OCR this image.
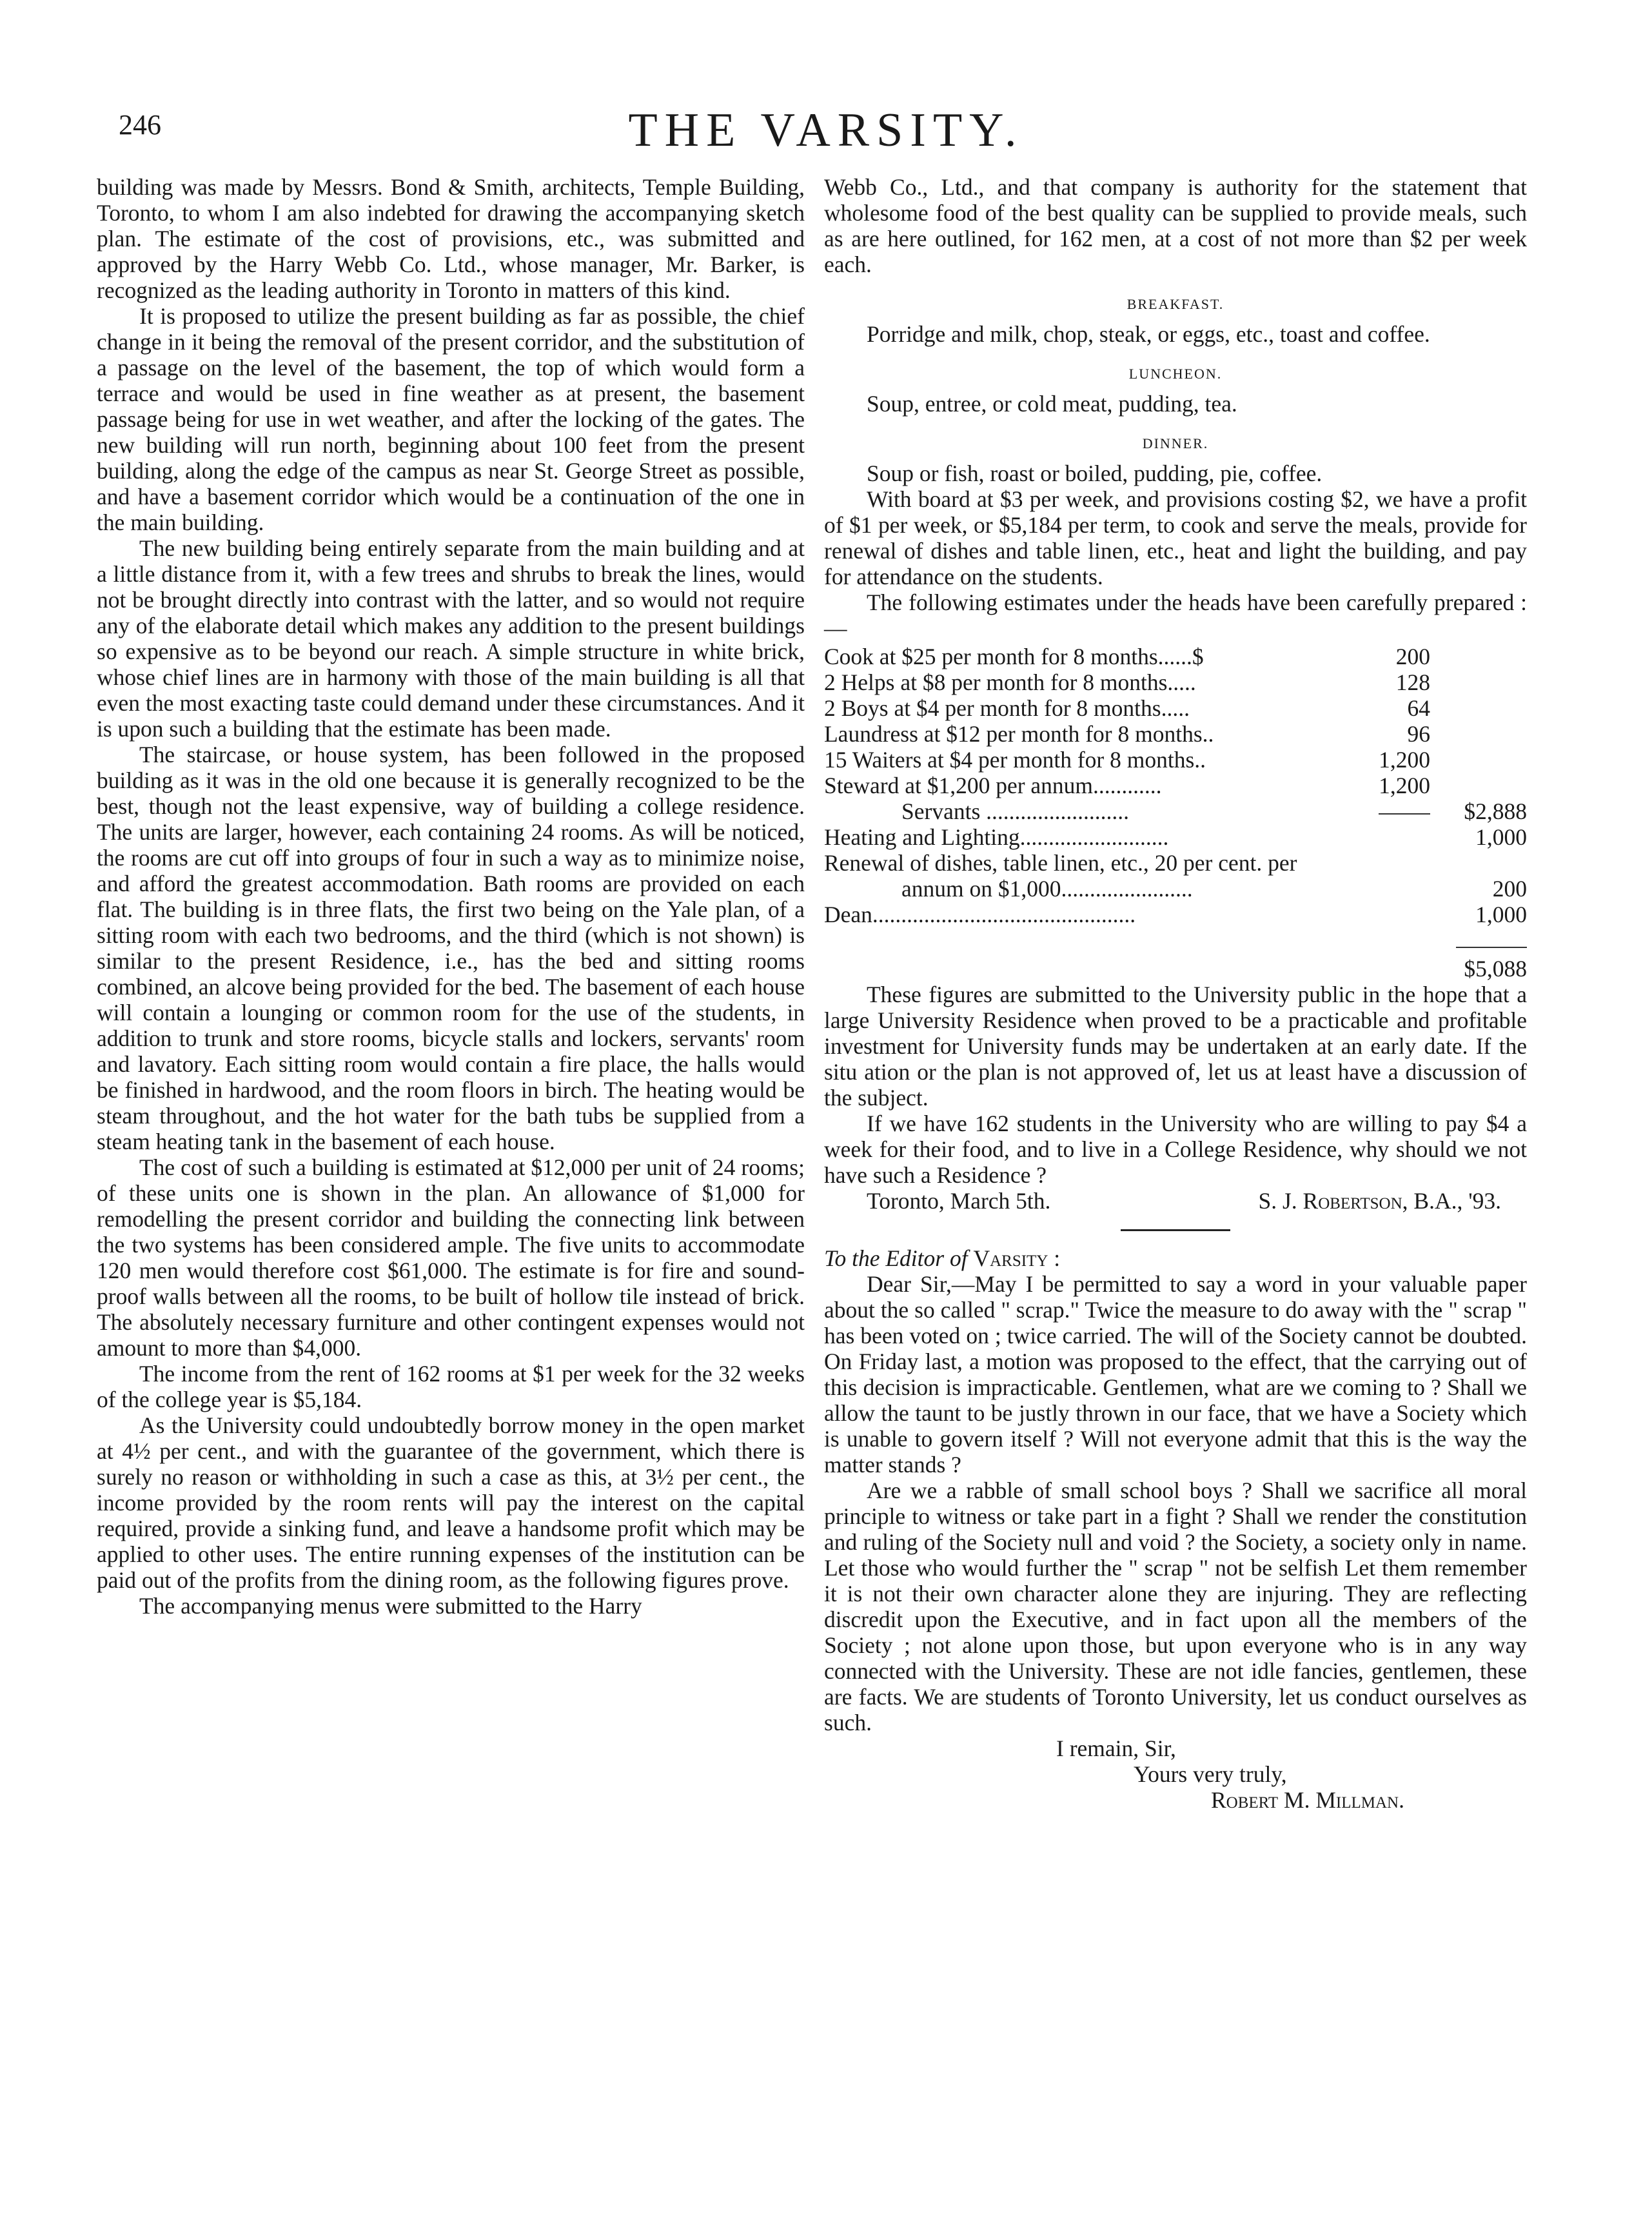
246	THE VARSITY.

building was made by Messrs. Bond & Smith, architects, Temple Building, Toronto, to whom I am also indebted for drawing the accompanying sketch plan. The estimate of the cost of provisions, etc., was submitted and approved by the Harry Webb Co. Ltd., whose manager, Mr. Barker, is recognized as the leading authority in Toronto in matters of this kind.

It is proposed to utilize the present building as far as possible, the chief change in it being the removal of the present corridor, and the substitution of a passage on the level of the basement, the top of which would form a terrace and would be used in fine weather as at present, the basement passage being for use in wet weather, and after the locking of the gates. The new building will run north, beginning about 100 feet from the present building, along the edge of the campus as near St. George Street as possible, and have a basement corridor which would be a continuation of the one in the main building.

The new building being entirely separate from the main building and at a little distance from it, with a few trees and shrubs to break the lines, would not be brought directly into contrast with the latter, and so would not require any of the elaborate detail which makes any addition to the present buildings so expensive as to be beyond our reach. A simple structure in white brick, whose chief lines are in harmony with those of the main building is all that even the most exacting taste could demand under these circumstances. And it is upon such a building that the estimate has been made.

The staircase, or house system, has been followed in the proposed building as it was in the old one because it is generally recognized to be the best, though not the least expensive, way of building a college residence. The units are larger, however, each containing 24 rooms. As will be noticed, the rooms are cut off into groups of four in such a way as to minimize noise, and afford the greatest accommodation. Bath rooms are provided on each flat. The building is in three flats, the first two being on the Yale plan, of a sitting room with each two bedrooms, and the third (which is not shown) is similar to the present Residence, i.e., has the bed and sitting rooms combined, an alcove being provided for the bed. The basement of each house will contain a lounging or common room for the use of the students, in addition to trunk and store rooms, bicycle stalls and lockers, servants' room and lavatory. Each sitting room would contain a fire place, the halls would be finished in hardwood, and the room floors in birch. The heating would be steam throughout, and the hot water for the bath tubs be supplied from a steam heating tank in the basement of each house.

The cost of such a building is estimated at $12,000 per unit of 24 rooms; of these units one is shown in the plan. An allowance of $1,000 for remodelling the present corridor and building the connecting link between the two systems has been considered ample. The five units to accommodate 120 men would therefore cost $61,000. The estimate is for fire and sound-proof walls between all the rooms, to be built of hollow tile instead of brick. The absolutely necessary furniture and other contingent expenses would not amount to more than $4,000.

The income from the rent of 162 rooms at $1 per week for the 32 weeks of the college year is $5,184.

As the University could undoubtedly borrow money in the open market at 4½ per cent., and with the guarantee of the government, which there is surely no reason or withholding in such a case as this, at 3½ per cent., the income provided by the room rents will pay the interest on the capital required, provide a sinking fund, and leave a handsome profit which may be applied to other uses. The entire running expenses of the institution can be paid out of the profits from the dining room, as the following figures prove.

The accompanying menus were submitted to the Harry

Webb Co., Ltd., and that company is authority for the statement that wholesome food of the best quality can be supplied to provide meals, such as are here outlined, for 162 men, at a cost of not more than $2 per week each.

BREAKFAST.

Porridge and milk, chop, steak, or eggs, etc., toast and coffee.

LUNCHEON.

Soup, entree, or cold meat, pudding, tea.

DINNER.

Soup or fish, roast or boiled, pudding, pie, coffee.

With board at $3 per week, and provisions costing $2, we have a profit of $1 per week, or $5,184 per term, to cook and serve the meals, provide for renewal of dishes and table linen, etc., heat and light the building, and pay for attendance on the students.

The following estimates under the heads have been carefully prepared :—

Cook at $25 per month for 8 months......$	200	
2 Helps at $8 per month for 8 months.....	128	
2 Boys at $4 per month for 8 months.....	64	
Laundress at $12 per month for 8 months..	96	
15 Waiters at $4 per month for 8 months..	1,200	
Steward at $1,200 per annum............	1,200	
Servants .........................		$2,888
Heating and Lighting..........................		1,000
Renewal of dishes, table linen, etc., 20 per cent. per		
annum on $1,000.......................		200
Dean..............................................		1,000
$5,088

These figures are submitted to the University public in the hope that a large University Residence when proved to be a practicable and profitable investment for University funds may be undertaken at an early date. If the situ ation or the plan is not approved of, let us at least have a discussion of the subject.

If we have 162 students in the University who are willing to pay $4 a week for their food, and to live in a College Residence, why should we not have such a Residence ?

Toronto, March 5th.	S. J. Robertson, B.A., '93.
To the Editor of Varsity :

Dear Sir,—May I be permitted to say a word in your valuable paper about the so called " scrap." Twice the measure to do away with the " scrap " has been voted on ; twice carried. The will of the Society cannot be doubted. On Friday last, a motion was proposed to the effect, that the carrying out of this decision is impracticable. Gentlemen, what are we coming to ? Shall we allow the taunt to be justly thrown in our face, that we have a Society which is unable to govern itself ? Will not everyone admit that this is the way the matter stands ?

Are we a rabble of small school boys ? Shall we sacrifice all moral principle to witness or take part in a fight ? Shall we render the constitution and ruling of the Society null and void ? the Society, a society only in name. Let those who would further the " scrap " not be selfish Let them remember it is not their own character alone they are injuring. They are reflecting discredit upon the Executive, and in fact upon all the members of the Society ; not alone upon those, but upon everyone who is in any way connected with the University. These are not idle fancies, gentlemen, these are facts. We are students of Toronto University, let us conduct ourselves as such.

I remain, Sir,
Yours very truly,
Robert M. Millman.
